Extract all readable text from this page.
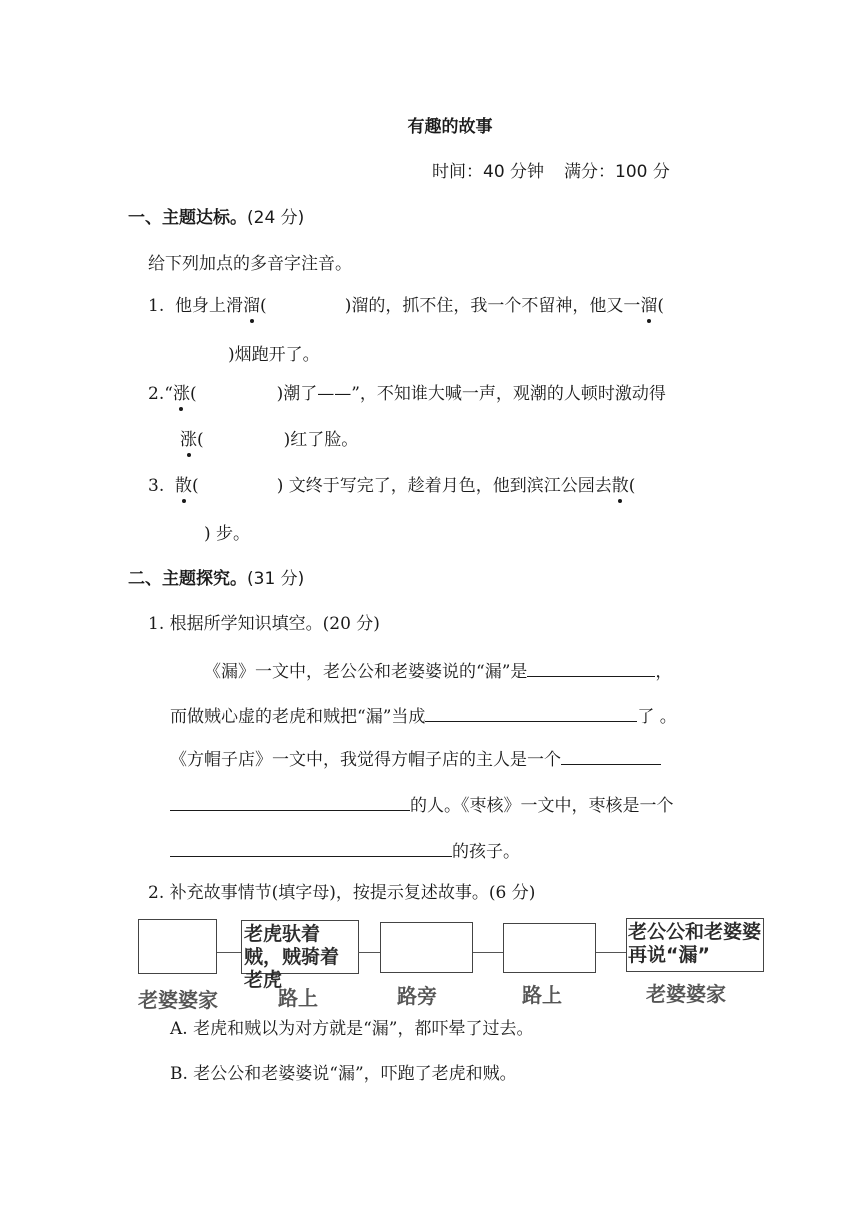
有趣的故事
时间：40 分钟 满分：100 分
一、主题达标。(24 分)
给下列加点的多音字注音。
1. 他身上滑溜(	)溜的，抓不住，我一个不留神，他又一溜(
)烟跑开了。
2.“涨(	)潮了——”，不知谁大喊一声，观潮的人顿时激动得
涨(	)红了脸。
3. 散(	) 文终于写完了，趁着月色，他到滨江公园去散(
) 步。
二、主题探究。(31 分)
1. 根据所学知识填空。(20 分)
《漏》一文中，老公公和老婆婆说的“漏”是	，
而做贼心虚的老虎和贼把“漏”当成	了 。
《方帽子店》一文中，我觉得方帽子店的主人是一个
的人。《枣核》一文中，枣核是一个
的孩子。
2. 补充故事情节(填字母)，按提示复述故事。(6 分)
老虎驮着贼，贼骑着老虎
老公公和老婆婆再说“漏”
老婆婆家	路上	路旁	路上	老婆婆家
A. 老虎和贼以为对方就是“漏”，都吓晕了过去。
B. 老公公和老婆婆说“漏”，吓跑了老虎和贼。
